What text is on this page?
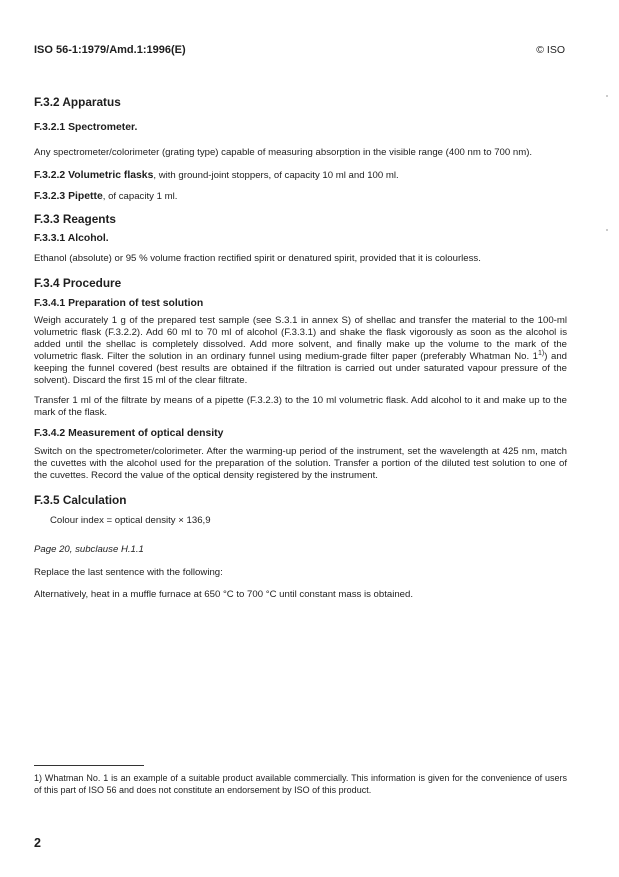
ISO 56-1:1979/Amd.1:1996(E)	© ISO
F.3.2 Apparatus
F.3.2.1 Spectrometer.

Any spectrometer/colorimeter (grating type) capable of measuring absorption in the visible range (400 nm to 700 nm).

F.3.2.2 Volumetric flasks, with ground-joint stoppers, of capacity 10 ml and 100 ml.

F.3.2.3 Pipette, of capacity 1 ml.

F.3.3 Reagents
F.3.3.1 Alcohol.

Ethanol (absolute) or 95 % volume fraction rectified spirit or denatured spirit, provided that it is colourless.

F.3.4 Procedure
F.3.4.1 Preparation of test solution

Weigh accurately 1 g of the prepared test sample (see S.3.1 in annex S) of shellac and transfer the material to the 100-ml volumetric flask (F.3.2.2). Add 60 ml to 70 ml of alcohol (F.3.3.1) and shake the flask vigorously as soon as the alcohol is added until the shellac is completely dissolved. Add more solvent, and finally make up the volume to the mark of the volumetric flask. Filter the solution in an ordinary funnel using medium-grade filter paper (preferably Whatman No. 1$^{1)}$) and keeping the funnel covered (best results are obtained if the filtration is carried out under saturated vapour pressure of the solvent). Discard the first 15 ml of the clear filtrate.

Transfer 1 ml of the filtrate by means of a pipette (F.3.2.3) to the 10 ml volumetric flask. Add alcohol to it and make up to the mark of the flask.

F.3.4.2 Measurement of optical density

Switch on the spectrometer/colorimeter. After the warming-up period of the instrument, set the wavelength at 425 nm, match the cuvettes with the alcohol used for the preparation of the solution. Transfer a portion of the diluted test solution to one of the cuvettes. Record the value of the optical density registered by the instrument.

F.3.5 Calculation

Colour index = optical density × 136,9

Page 20, subclause H.1.1

Replace the last sentence with the following:

Alternatively, heat in a muffle furnace at 650 °C to 700 °C until constant mass is obtained.

1) Whatman No. 1 is an example of a suitable product available commercially. This information is given for the convenience of users of this part of ISO 56 and does not constitute an endorsement by ISO of this product.

2
